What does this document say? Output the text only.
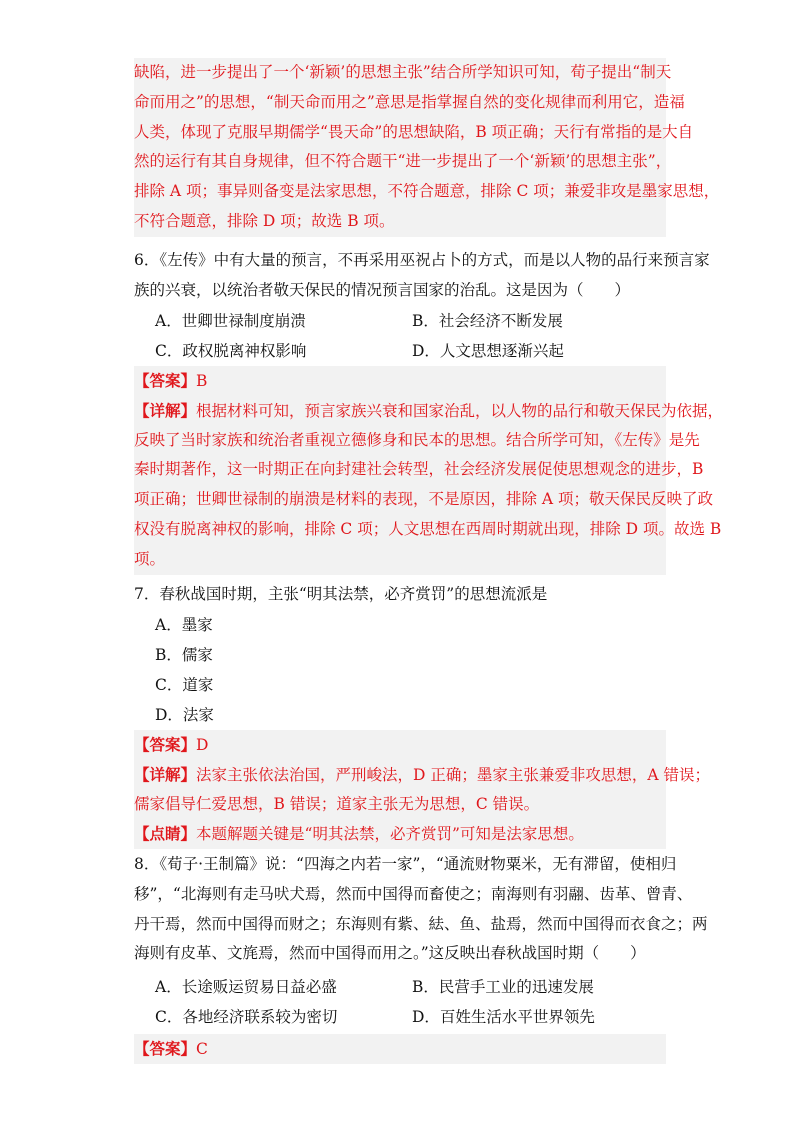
缺陷，进一步提出了一个‘新颖’的思想主张”结合所学知识可知，荀子提出“制天
命而用之”的思想，“制天命而用之”意思是指掌握自然的变化规律而利用它，造福
人类，体现了克服早期儒学“畏天命”的思想缺陷，B 项正确；天行有常指的是大自
然的运行有其自身规律，但不符合题干“进一步提出了一个‘新颖’的思想主张”，
排除 A 项；事异则备变是法家思想，不符合题意，排除 C 项；兼爱非攻是墨家思想，
不符合题意，排除 D 项；故选 B 项。
6．《左传》中有大量的预言，不再采用巫祝占卜的方式，而是以人物的品行来预言家
族的兴衰，以统治者敬天保民的情况预言国家的治乱。这是因为（　　）
A．世卿世禄制度崩溃	B．社会经济不断发展
C．政权脱离神权影响	D．人文思想逐渐兴起
【答案】B
【详解】根据材料可知，预言家族兴衰和国家治乱，以人物的品行和敬天保民为依据，
反映了当时家族和统治者重视立德修身和民本的思想。结合所学可知，《左传》是先
秦时期著作，这一时期正在向封建社会转型，社会经济发展促使思想观念的进步，B
项正确；世卿世禄制的崩溃是材料的表现，不是原因，排除 A 项；敬天保民反映了政
权没有脱离神权的影响，排除 C 项；人文思想在西周时期就出现，排除 D 项。故选 B
项。
7．春秋战国时期，主张“明其法禁，必齐赏罚”的思想流派是
A．墨家
B．儒家
C．道家
D．法家
【答案】D
【详解】法家主张依法治国，严刑峻法，D 正确；墨家主张兼爱非攻思想，A 错误；
儒家倡导仁爱思想，B 错误；道家主张无为思想，C 错误。
【点睛】本题解题关键是“明其法禁，必齐赏罚”可知是法家思想。
8．《荀子·王制篇》说：“四海之内若一家”，“通流财物粟米，无有滞留，使相归
移”，“北海则有走马吠犬焉，然而中国得而畜使之；南海则有羽翮、齿革、曾青、
丹干焉，然而中国得而财之；东海则有紫、紶、鱼、盐焉，然而中国得而衣食之；两
海则有皮革、文旄焉，然而中国得而用之。”这反映出春秋战国时期（　　）
A．长途贩运贸易日益必盛	B．民营手工业的迅速发展
C．各地经济联系较为密切	D．百姓生活水平世界领先
【答案】C
